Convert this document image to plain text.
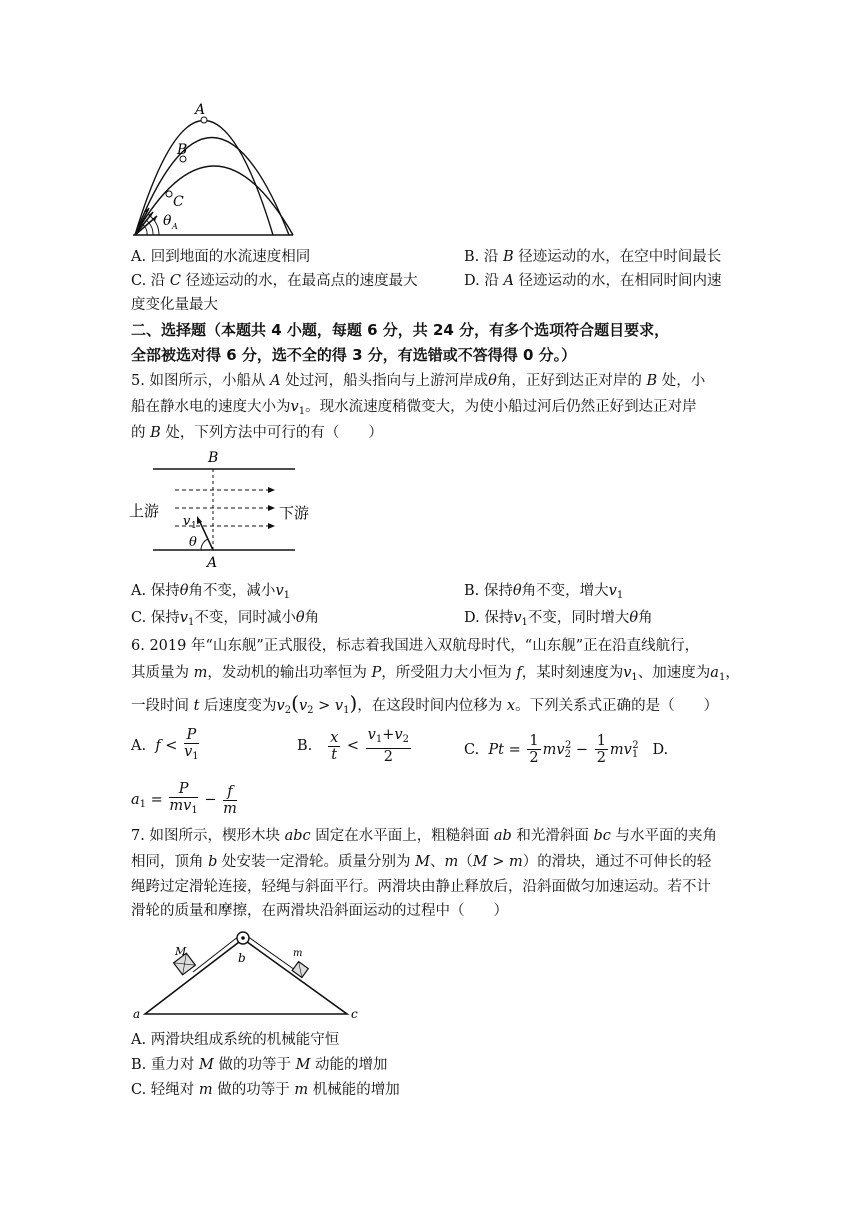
A
B
C
θ A
A. 回到地面的水流速度相同	B. 沿 B 径迹运动的水，在空中时间最长
C. 沿 C 径迹运动的水，在最高点的速度最大	D. 沿 A 径迹运动的水，在相同时间内速
度变化量最大
二、选择题（本题共 4 小题，每题 6 分，共 24 分，有多个选项符合题目要求，
全部被选对得 6 分，选不全的得 3 分，有选错或不答得得 0 分。）
5. 如图所示，小船从 A 处过河，船头指向与上游河岸成θ角，正好到达正对岸的 B 处，小
船在静水电的速度大小为$v_1$。现水流速度稍微变大，为使小船过河后仍然正好到达正对岸
的 B 处，下列方法中可行的有（　　）
B
A
上游	下游
v 1
θ
A. 保持θ角不变，减小$v_1$	B. 保持θ角不变，增大$v_1$
C. 保持$v_1$不变，同时减小θ角	D. 保持$v_1$不变，同时增大θ角
6. 2019 年“山东舰”正式服役，标志着我国进入双航母时代，“山东舰”正在沿直线航行，
其质量为 m，发动机的输出功率恒为 P，所受阻力大小恒为 f，某时刻速度为$v_1$、加速度为$a_1$，
一段时间 t 后速度变为$v_2(v_2 > v_1)$，在这段时间内位移为 x。下列关系式正确的是（　　）
A. $f < \frac{P}{v_1}$	B. $\frac{x}{t} < \frac{v_1+v_2}{2}$	C. $Pt = \frac{1}{2} mv_2^2 - \frac{1}{2} mv_1^2$ D.
$a_1 = \frac{P}{mv_1} - \frac{f}{m}$
7. 如图所示，楔形木块 abc 固定在水平面上，粗糙斜面 ab 和光滑斜面 bc 与水平面的夹角
相同，顶角 b 处安装一定滑轮。质量分别为 M、m（M > m）的滑块，通过不可伸长的轻
绳跨过定滑轮连接，轻绳与斜面平行。两滑块由静止释放后，沿斜面做匀加速运动。若不计
滑轮的质量和摩擦，在两滑块沿斜面运动的过程中（　　）
M	m
a
b
c
A. 两滑块组成系统的机械能守恒
B. 重力对 M 做的功等于 M 动能的增加
C. 轻绳对 m 做的功等于 m 机械能的增加
